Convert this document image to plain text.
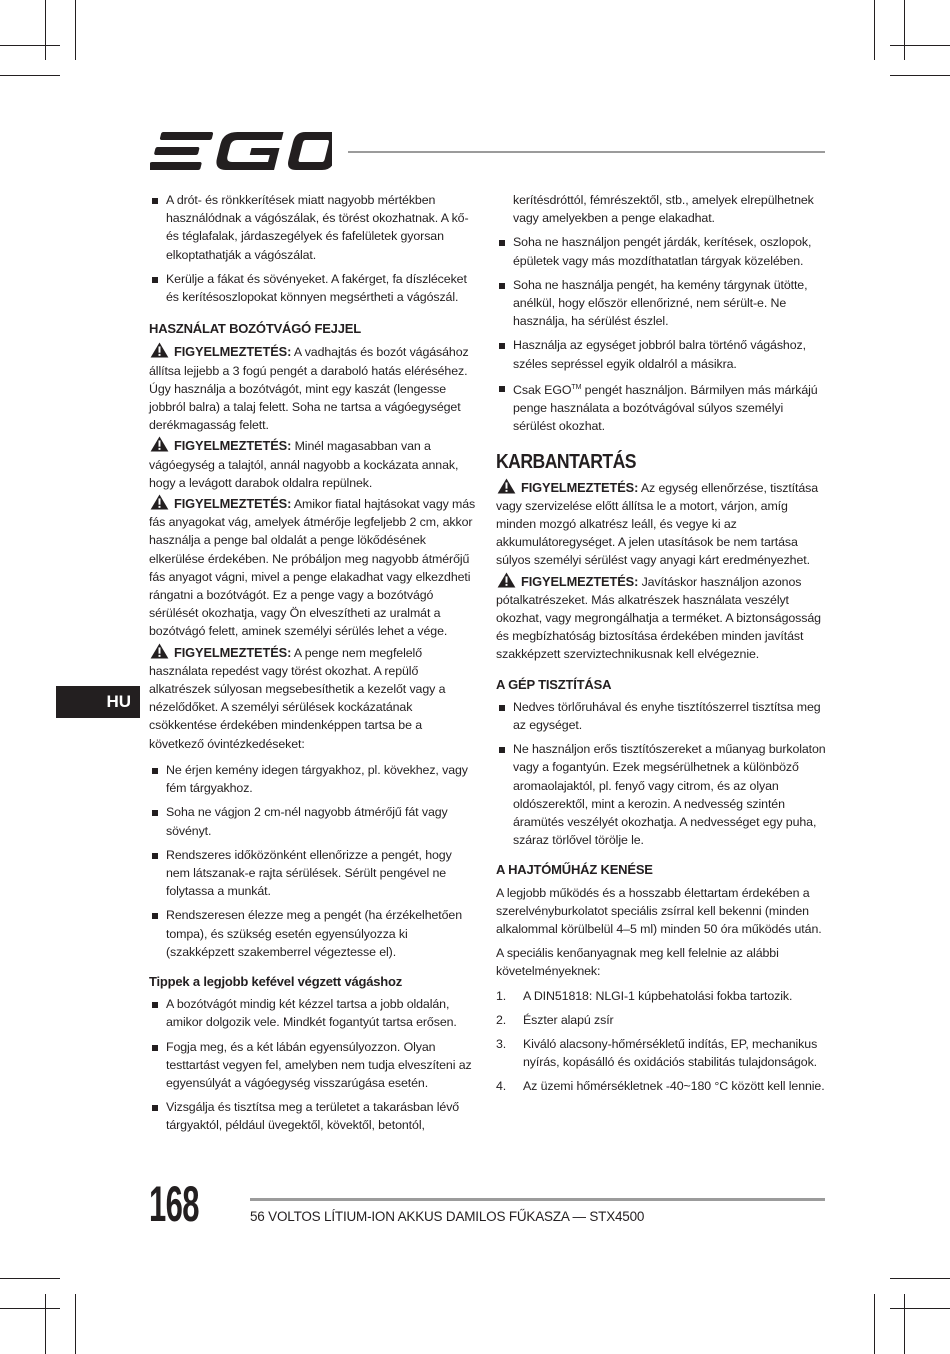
HU
A drót- és rönkkerítések miatt nagyobb mértékben használódnak a vágószálak, és törést okozhatnak. A kő- és téglafalak, járdaszegélyek és fafelületek gyorsan elkoptathatják a vágószálat.
Kerülje a fákat és sövényeket. A fakérget, fa díszléceket és kerítésoszlopokat könnyen megsértheti a vágószál.
HASZNÁLAT BOZÓTVÁGÓ FEJJEL
FIGYELMEZTETÉS: A vadhajtás és bozót vágásához állítsa lejjebb a 3 fogú pengét a daraboló hatás eléréséhez. Úgy használja a bozótvágót, mint egy kaszát (lengesse jobbról balra) a talaj felett. Soha ne tartsa a vágóegységet derékmagasság felett.
FIGYELMEZTETÉS: Minél magasabban van a vágóegység a talajtól, annál nagyobb a kockázata annak, hogy a levágott darabok oldalra repülnek.
FIGYELMEZTETÉS: Amikor fiatal hajtásokat vagy más fás anyagokat vág, amelyek átmérője legfeljebb 2 cm, akkor használja a penge bal oldalát a penge lökődésének elkerülése érdekében. Ne próbáljon meg nagyobb átmérőjű fás anyagot vágni, mivel a penge elakadhat vagy elkezdheti rángatni a bozótvágót. Ez a penge vagy a bozótvágó sérülését okozhatja, vagy Ön elveszítheti az uralmát a bozótvágó felett, aminek személyi sérülés lehet a vége.
FIGYELMEZTETÉS: A penge nem megfelelő használata repedést vagy törést okozhat. A repülő alkatrészek súlyosan megsebesíthetik a kezelőt vagy a nézelődőket. A személyi sérülések kockázatának csökkentése érdekében mindenképpen tartsa be a következő óvintézkedéseket:
Ne érjen kemény idegen tárgyakhoz, pl. kövekhez, vagy fém tárgyakhoz.
Soha ne vágjon 2 cm-nél nagyobb átmérőjű fát vagy sövényt.
Rendszeres időközönként ellenőrizze a pengét, hogy nem látszanak-e rajta sérülések. Sérült pengével ne folytassa a munkát.
Rendszeresen élezze meg a pengét (ha érzékelhetően tompa), és szükség esetén egyensúlyozza ki (szakképzett szakemberrel végeztesse el).
Tippek a legjobb kefével végzett vágáshoz
A bozótvágót mindig két kézzel tartsa a jobb oldalán, amikor dolgozik vele. Mindkét fogantyút tartsa erősen.
Fogja meg, és a két lábán egyensúlyozzon. Olyan testtartást vegyen fel, amelyben nem tudja elveszíteni az egyensúlyát a vágóegység visszarúgása esetén.
Vizsgálja és tisztítsa meg a területet a takarásban lévő tárgyaktól, például üvegektől, kövektől, betontól,
kerítésdróttól, fémrészektől, stb., amelyek elrepülhetnek vagy amelyekben a penge elakadhat.
Soha ne használjon pengét járdák, kerítések, oszlopok, épületek vagy más mozdíthatatlan tárgyak közelében.
Soha ne használja pengét, ha kemény tárgynak ütötte, anélkül, hogy először ellenőrizné, nem sérült-e. Ne használja, ha sérülést észlel.
Használja az egységet jobbról balra történő vágáshoz, széles sepréssel egyik oldalról a másikra.
Csak EGO™ pengét használjon. Bármilyen más márkájú penge használata a bozótvágóval súlyos személyi sérülést okozhat.
KARBANTARTÁS
FIGYELMEZTETÉS: Az egység ellenőrzése, tisztítása vagy szervizelése előtt állítsa le a motort, várjon, amíg minden mozgó alkatrész leáll, és vegye ki az akkumulátoregységet. A jelen utasítások be nem tartása súlyos személyi sérülést vagy anyagi kárt eredményezhet.
FIGYELMEZTETÉS: Javításkor használjon azonos pótalkatrészeket. Más alkatrészek használata veszélyt okozhat, vagy megrongálhatja a terméket. A biztonságosság és megbízhatóság biztosítása érdekében minden javítást szakképzett szerviztechnikusnak kell elvégeznie.
A GÉP TISZTÍTÁSA
Nedves törlőruhával és enyhe tisztítószerrel tisztítsa meg az egységet.
Ne használjon erős tisztítószereket a műanyag burkolaton vagy a fogantyún. Ezek megsérülhetnek a különböző aromaolajaktól, pl. fenyő vagy citrom, és az olyan oldószerektől, mint a kerozin. A nedvesség szintén áramütés veszélyét okozhatja. A nedvességet egy puha, száraz törlővel törölje le.
A HAJTÓMŰHÁZ KENÉSE
A legjobb működés és a hosszabb élettartam érdekében a szerelvényburkolatot speciális zsírral kell bekenni (minden alkalommal körülbelül 4–5 ml) minden 50 óra működés után.
A speciális kenőanyagnak meg kell felelnie az alábbi követelményeknek:
1. A DIN51818: NLGI-1 kúpbehatolási fokba tartozik.
2. Észter alapú zsír
3. Kiváló alacsony-hőmérsékletű indítás, EP, mechanikus nyírás, kopásálló és oxidációs stabilitás tulajdonságok.
4. Az üzemi hőmérsékletnek -40~180 °C között kell lennie.
168	56 VOLTOS LÍTIUM-ION AKKUS DAMILOS FŰKASZA — STX4500
